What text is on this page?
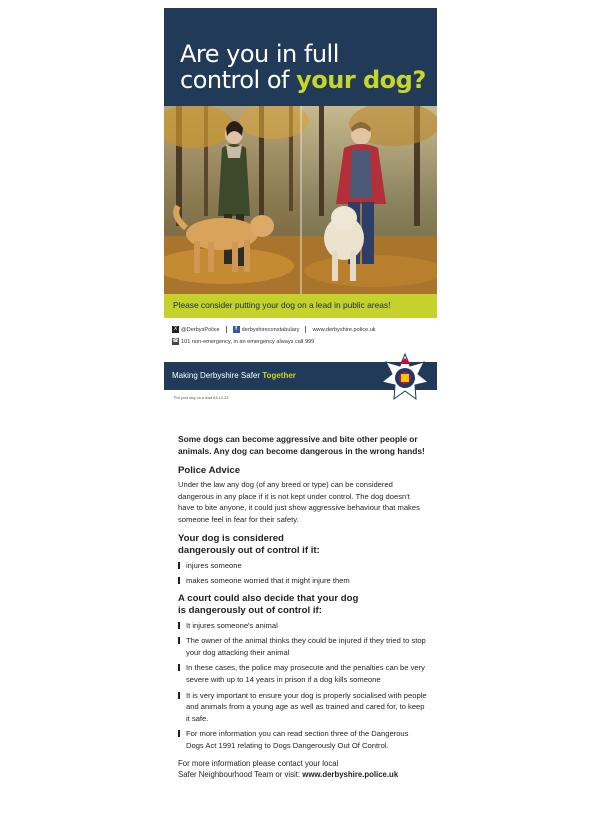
Are you in full
control of your dog?
Please consider putting your dog on a lead in public areas!
X @DerbysPolice	f derbyshireconstabulary www.derbyshire.police.uk
☎ 101 non-emergency, in an emergency always call 999
Making Derbyshire Safer Together
Put your dog on a lead A5 12-23

Some dogs can become aggressive and bite other people or animals. Any dog can become dangerous in the wrong hands!

Police Advice

Under the law any dog (of any breed or type) can be considered dangerous in any place if it is not kept under control. The dog doesn't have to bite anyone, it could just show aggressive behaviour that makes someone feel in fear for their safety.

Your dog is considered
dangerously out of control if it:
injures someone
makes someone worried that it might injure them
A court could also decide that your dog
is dangerously out of control if:
It injures someone's animal
The owner of the animal thinks they could be injured if they tried to stop your dog attacking their animal
In these cases, the police may prosecute and the penalties can be very severe with up to 14 years in prison if a dog kills someone
It is very important to ensure your dog is properly socialised with people and animals from a young age as well as trained and cared for, to keep it safe.
For more information you can read section three of the Dangerous Dogs Act 1991 relating to Dogs Dangerously Out Of Control.
For more information please contact your local
Safer Neighbourhood Team or visit: www.derbyshire.police.uk
